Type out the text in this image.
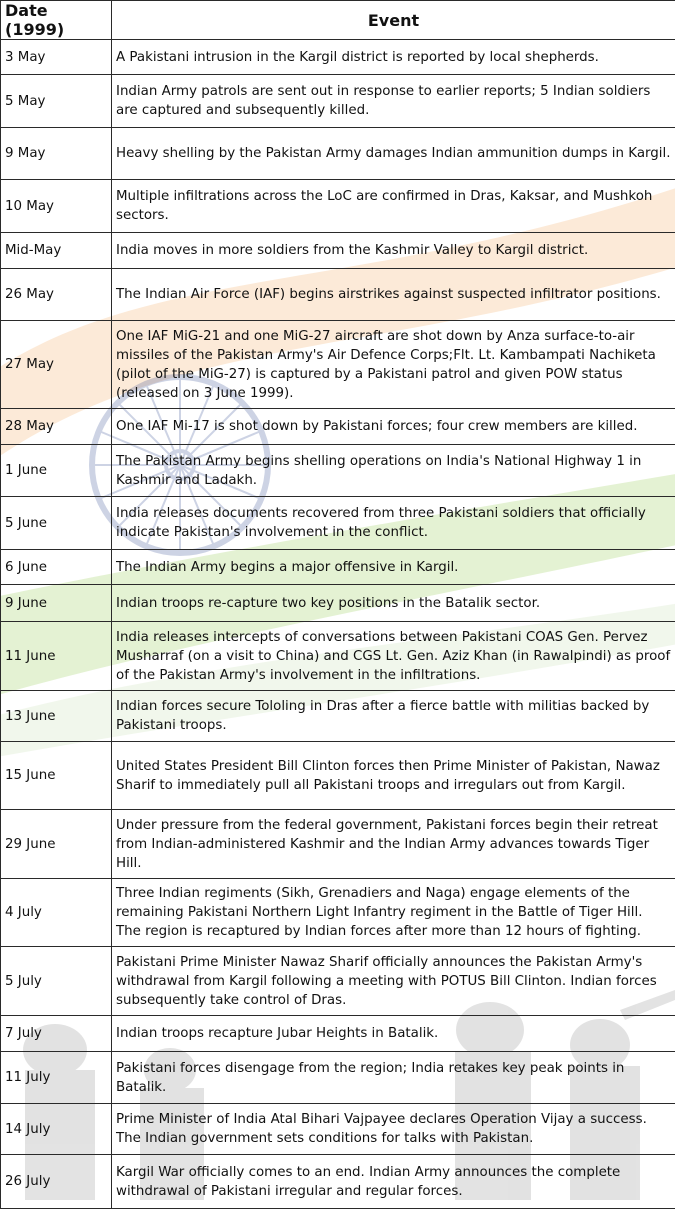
Date (1999)	Event
3 May	A Pakistani intrusion in the Kargil district is reported by local shepherds.
5 May	Indian Army patrols are sent out in response to earlier reports; 5 Indian soldiers are captured and subsequently killed.
9 May	Heavy shelling by the Pakistan Army damages Indian ammunition dumps in Kargil.
10 May	Multiple infiltrations across the LoC are confirmed in Dras, Kaksar, and Mushkoh sectors.
Mid-May	India moves in more soldiers from the Kashmir Valley to Kargil district.
26 May	The Indian Air Force (IAF) begins airstrikes against suspected infiltrator positions.
27 May	One IAF MiG-21 and one MiG-27 aircraft are shot down by Anza surface-to-air missiles of the Pakistan Army's Air Defence Corps;Flt. Lt. Kambampati Nachiketa (pilot of the MiG-27) is captured by a Pakistani patrol and given POW status (released on 3 June 1999).
28 May	One IAF Mi-17 is shot down by Pakistani forces; four crew members are killed.
1 June	The Pakistan Army begins shelling operations on India's National Highway 1 in Kashmir and Ladakh.
5 June	India releases documents recovered from three Pakistani soldiers that officially indicate Pakistan's involvement in the conflict.
6 June	The Indian Army begins a major offensive in Kargil.
9 June	Indian troops re-capture two key positions in the Batalik sector.
11 June	India releases intercepts of conversations between Pakistani COAS Gen. Pervez Musharraf (on a visit to China) and CGS Lt. Gen. Aziz Khan (in Rawalpindi) as proof of the Pakistan Army's involvement in the infiltrations.
13 June	Indian forces secure Tololing in Dras after a fierce battle with militias backed by Pakistani troops.
15 June	United States President Bill Clinton forces then Prime Minister of Pakistan, Nawaz Sharif to immediately pull all Pakistani troops and irregulars out from Kargil.
29 June	Under pressure from the federal government, Pakistani forces begin their retreat from Indian-administered Kashmir and the Indian Army advances towards Tiger Hill.
4 July	Three Indian regiments (Sikh, Grenadiers and Naga) engage elements of the remaining Pakistani Northern Light Infantry regiment in the Battle of Tiger Hill. The region is recaptured by Indian forces after more than 12 hours of fighting.
5 July	Pakistani Prime Minister Nawaz Sharif officially announces the Pakistan Army's withdrawal from Kargil following a meeting with POTUS Bill Clinton. Indian forces subsequently take control of Dras.
7 July	Indian troops recapture Jubar Heights in Batalik.
11 July	Pakistani forces disengage from the region; India retakes key peak points in Batalik.
14 July	Prime Minister of India Atal Bihari Vajpayee declares Operation Vijay a success. The Indian government sets conditions for talks with Pakistan.
26 July	Kargil War officially comes to an end. Indian Army announces the complete withdrawal of Pakistani irregular and regular forces.
